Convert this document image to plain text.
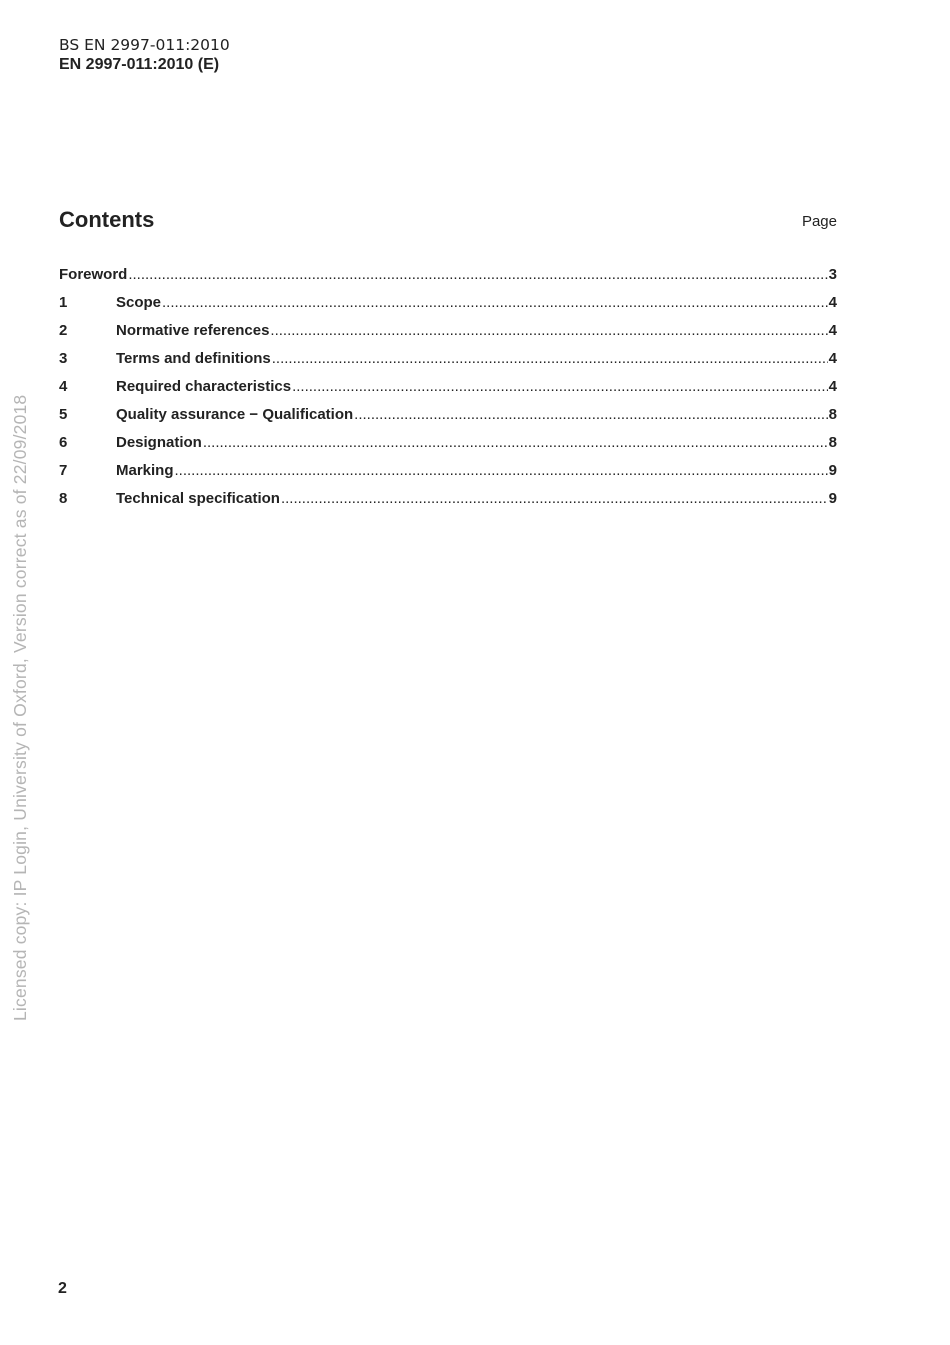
BS EN 2997-011:2010
EN 2997-011:2010 (E)
Contents	Page
Foreword .....	3
1	Scope .....	4
2	Normative references .....	4
3	Terms and definitions .....	4
4	Required characteristics .....	4
5	Quality assurance − Qualification .....	8
6	Designation .....	8
7	Marking .....	9
8	Technical specification .....	9
Licensed copy: IP Login, University of Oxford, Version correct as of 22/09/2018
2
